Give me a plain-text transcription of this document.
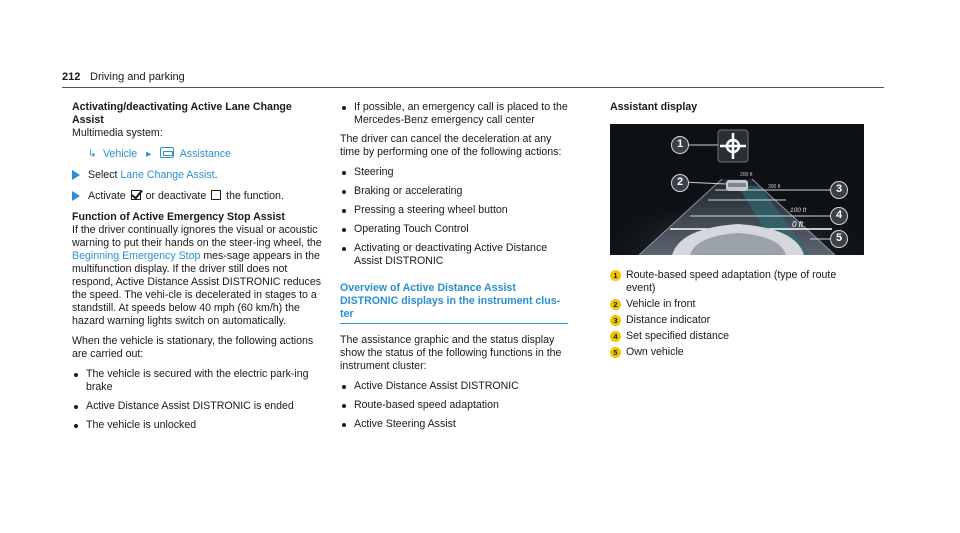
212 Driving and parking
Activating/deactivating Active Lane Change Assist
Multimedia system:
↳ Vehicle ▸	Assistance
Select Lane Change Assist.
Activate  or deactivate  the function.
Function of Active Emergency Stop Assist
If the driver continually ignores the visual or acoustic warning to put their hands on the steer-ing wheel, the Beginning Emergency Stop mes-sage appears in the multifunction display. If the driver still does not respond, Active Distance Assist DISTRONIC reduces the speed. The vehi-cle is decelerated in stages to a standstill. At speeds below 40 mph (60 km/h) the hazard warning lights switch on automatically.
When the vehicle is stationary, the following actions are carried out:
The vehicle is secured with the electric park-ing brake
Active Distance Assist DISTRONIC is ended
The vehicle is unlocked
If possible, an emergency call is placed to the Mercedes-Benz emergency call center
The driver can cancel the deceleration at any time by performing one of the following actions:
Steering
Braking or accelerating
Pressing a steering wheel button
Operating Touch Control
Activating or deactivating Active Distance Assist DISTRONIC
Overview of Active Distance Assist DISTRONIC displays in the instrument clus-ter
The assistance graphic and the status display show the status of the following functions in the instrument cluster:
Active Distance Assist DISTRONIC
Route-based speed adaptation
Active Steering Assist
Assistant display
200 ft
300 ft
100 ft
0 ft
1
2
3
4
5
1 Route-based speed adaptation (type of route event)
2 Vehicle in front
3 Distance indicator
4 Set specified distance
5 Own vehicle
